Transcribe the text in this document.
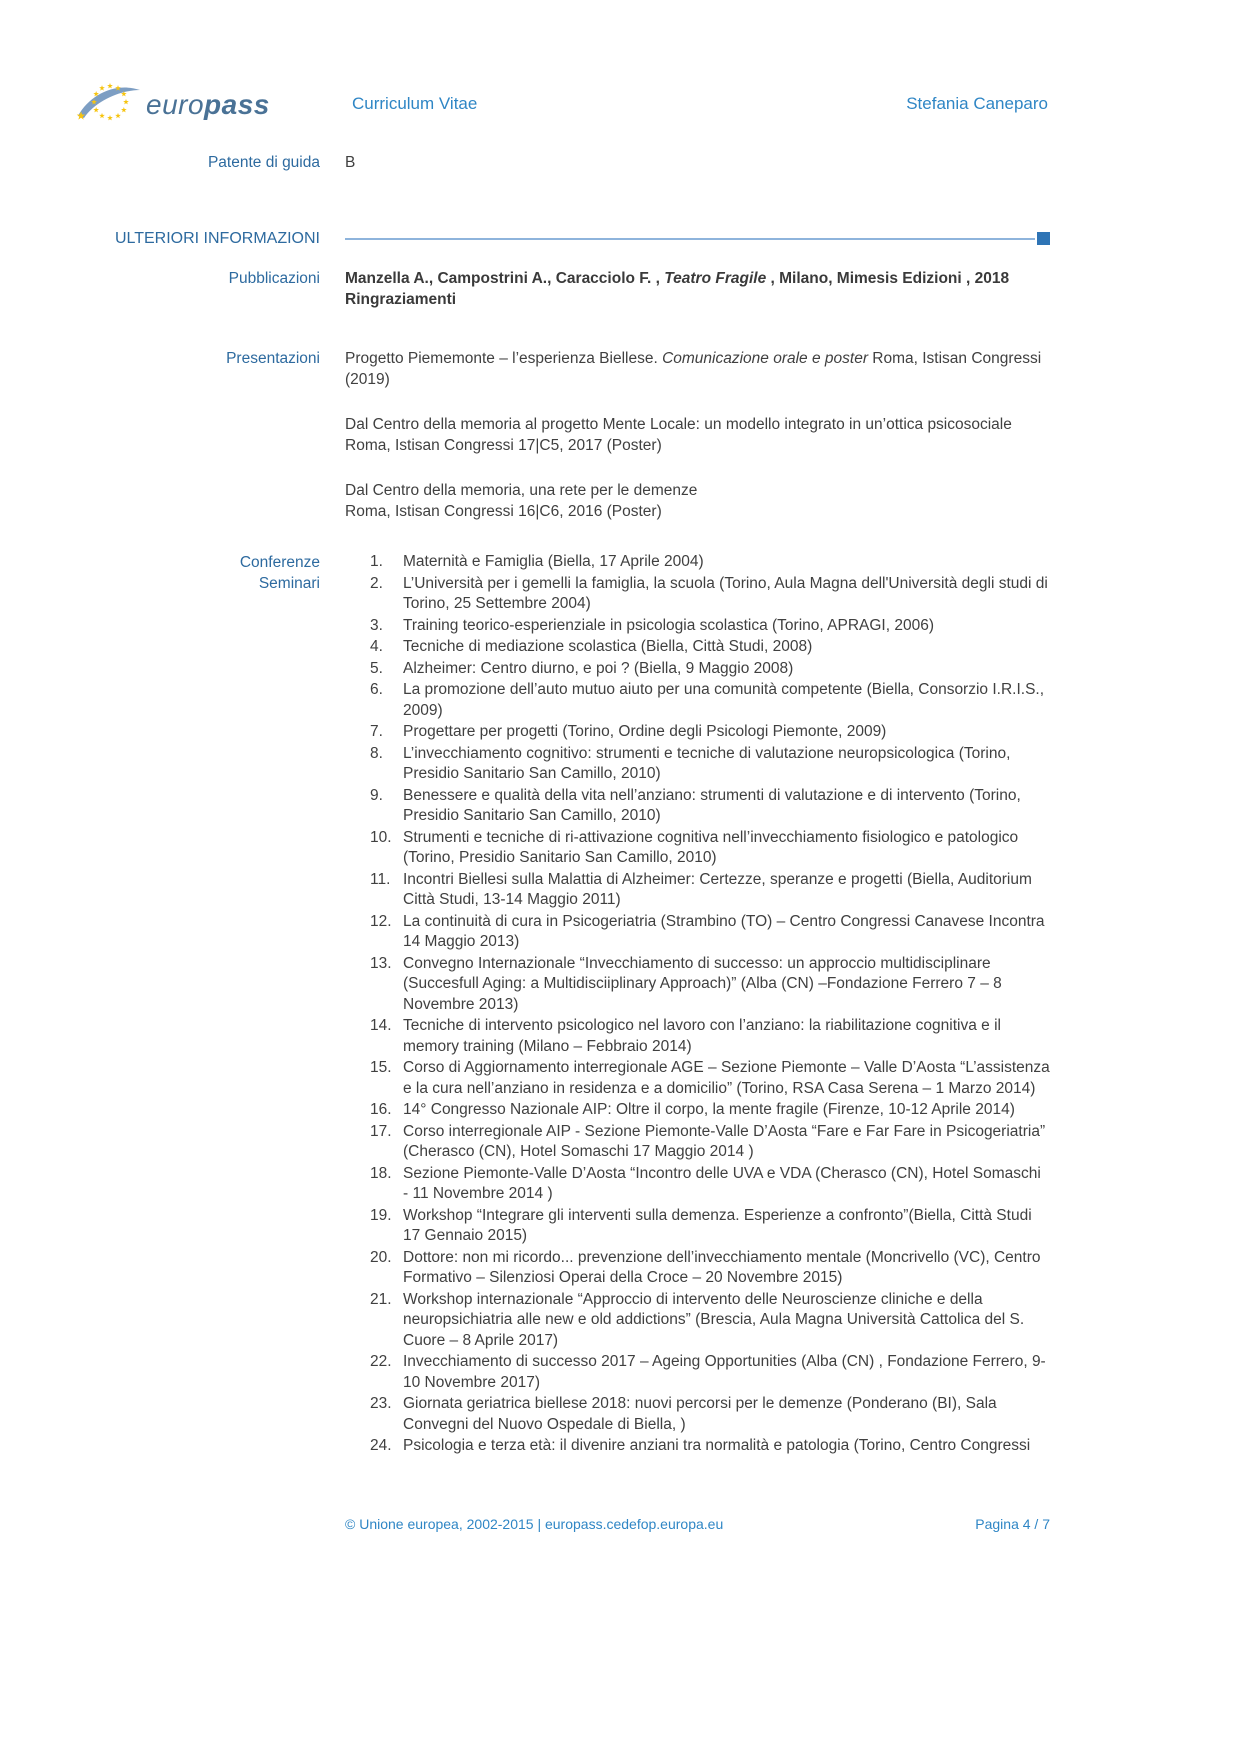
europass	Curriculum Vitae	Stefania Caneparo
Patente di guida B
ULTERIORI INFORMAZIONI
Pubblicazioni Manzella A., Campostrini A., Caracciolo F. , Teatro Fragile , Milano, Mimesis Edizioni , 2018
Ringraziamenti
Presentazioni Progetto Piememonte – l’esperienza Biellese. Comunicazione orale e poster Roma, Istisan Congressi (2019)

Dal Centro della memoria al progetto Mente Locale: un modello integrato in un’ottica psicosociale
Roma, Istisan Congressi 17|C5, 2017 (Poster)

Dal Centro della memoria, una rete per le demenze
Roma, Istisan Congressi 16|C6, 2016 (Poster)

Conferenze
Seminari
1.	Maternità e Famiglia (Biella, 17 Aprile 2004)
2.	L’Università per i gemelli la famiglia, la scuola (Torino, Aula Magna dell'Università degli studi di Torino, 25 Settembre 2004)
3.	Training teorico-esperienziale in psicologia scolastica (Torino, APRAGI, 2006)
4.	Tecniche di mediazione scolastica (Biella, Città Studi, 2008)
5.	Alzheimer: Centro diurno, e poi ? (Biella, 9 Maggio 2008)
6.	La promozione dell’auto mutuo aiuto per una comunità competente (Biella, Consorzio I.R.I.S., 2009)
7.	Progettare per progetti (Torino, Ordine degli Psicologi Piemonte, 2009)
8.	L’invecchiamento cognitivo: strumenti e tecniche di valutazione neuropsicologica (Torino, Presidio Sanitario San Camillo, 2010)
9.	Benessere e qualità della vita nell’anziano: strumenti di valutazione e di intervento (Torino, Presidio Sanitario San Camillo, 2010)
10. Strumenti e tecniche di ri-attivazione cognitiva nell’invecchiamento fisiologico e patologico (Torino, Presidio Sanitario San Camillo, 2010)
11. Incontri Biellesi sulla Malattia di Alzheimer: Certezze, speranze e progetti (Biella, Auditorium Città Studi, 13-14 Maggio 2011)
12. La continuità di cura in Psicogeriatria (Strambino (TO) – Centro Congressi Canavese Incontra 14 Maggio 2013)
13. Convegno Internazionale “Invecchiamento di successo: un approccio multidisciplinare (Succesfull Aging: a Multidisciiplinary Approach)” (Alba (CN) –Fondazione Ferrero 7 – 8 Novembre 2013)
14. Tecniche di intervento psicologico nel lavoro con l’anziano: la riabilitazione cognitiva e il memory training (Milano – Febbraio 2014)
15. Corso di Aggiornamento interregionale AGE – Sezione Piemonte – Valle D’Aosta “L’assistenza e la cura nell’anziano in residenza e a domicilio” (Torino, RSA Casa Serena – 1 Marzo 2014)
16. 14° Congresso Nazionale AIP: Oltre il corpo, la mente fragile (Firenze, 10-12 Aprile 2014)
17. Corso interregionale AIP - Sezione Piemonte-Valle D’Aosta “Fare e Far Fare in Psicogeriatria” (Cherasco (CN), Hotel Somaschi 17 Maggio 2014 )
18. Sezione Piemonte-Valle D’Aosta “Incontro delle UVA e VDA (Cherasco (CN), Hotel Somaschi - 11 Novembre 2014 )
19. Workshop “Integrare gli interventi sulla demenza. Esperienze a confronto”(Biella, Città Studi 17 Gennaio 2015)
20. Dottore: non mi ricordo... prevenzione dell’invecchiamento mentale (Moncrivello (VC), Centro Formativo – Silenziosi Operai della Croce – 20 Novembre 2015)
21. Workshop internazionale “Approccio di intervento delle Neuroscienze cliniche e della neuropsichiatria alle new e old addictions” (Brescia, Aula Magna Università Cattolica del S. Cuore – 8 Aprile 2017)
22. Invecchiamento di successo 2017 – Ageing Opportunities (Alba (CN) , Fondazione Ferrero, 9-10 Novembre 2017)
23. Giornata geriatrica biellese 2018: nuovi percorsi per le demenze (Ponderano (BI), Sala Convegni del Nuovo Ospedale di Biella, )
24. Psicologia e terza età: il divenire anziani tra normalità e patologia (Torino, Centro Congressi
© Unione europea, 2002-2015 | europass.cedefop.europa.eu	Pagina 4 / 7
